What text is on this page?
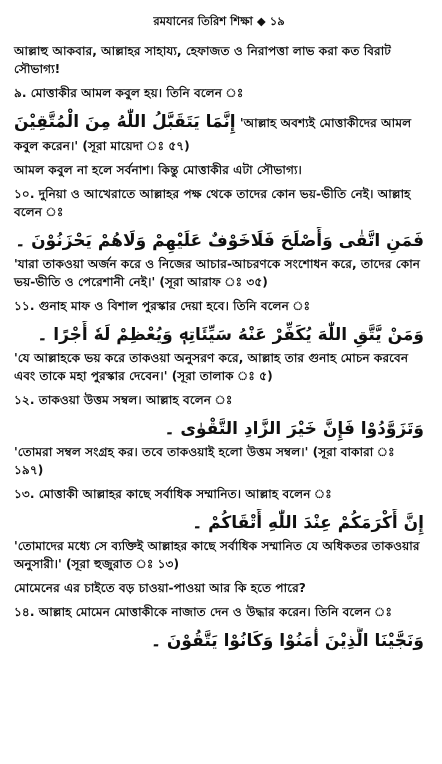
রমযানের তিরিশ শিক্ষা ◆ ১৯

আল্লাহু আকবার, আল্লাহর সাহায্য, হেফাজত ও নিরাপত্তা লাভ করা কত বিরাট সৌভাগ্য!

৯. মোত্তাকীর আমল কবুল হয়। তিনি বলেন ঃ

إِنَّمَا يَتَقَبَّلُ اللّٰهُ مِنَ الْمُتَّقِيْنَ 'আল্লাহ অবশ্যই মোত্তাকীদের আমল

কবুল করেন।' (সূরা মায়েদা ঃ ৫৭)

আমল কবুল না হলে সর্বনাশ। কিন্তু মোত্তাকীর এটা সৌভাগ্য।

১০. দুনিয়া ও আখেরাতে আল্লাহর পক্ষ থেকে তাদের কোন ভয়-ভীতি নেই। আল্লাহ বলেন ঃ

فَمَنِ اتَّقٰى وَأَصْلَحَ فَلَاخَوْفٌ عَلَيْهِمْ وَلَاهُمْ يَحْزَنُوْنَ ۔

'যারা তাকওয়া অর্জন করে ও নিজের আচার-আচরণকে সংশোধন করে, তাদের কোন ভয়-ভীতি ও পেরেশানী নেই।' (সূরা আরাফ ঃ ৩৫)

১১. গুনাহ মাফ ও বিশাল পুরস্কার দেয়া হবে। তিনি বলেন ঃ

وَمَنْ يَّتَّقِ اللّٰهَ يُكَفِّرْ عَنْهُ سَيِّئَاتِهٖ وَيُعْظِمْ لَهٗ أَجْرًا ۔

'যে আল্লাহকে ভয় করে তাকওয়া অনুসরণ করে, আল্লাহ তার গুনাহ মোচন করবেন এবং তাকে মহা পুরস্কার দেবেন।' (সূরা তালাক ঃ ৫)

১২. তাকওয়া উত্তম সম্বল। আল্লাহ বলেন ঃ

وَتَزَوَّدُوْا فَإِنَّ خَيْرَ الزَّادِ التَّقْوٰى ۔

'তোমরা সম্বল সংগ্রহ কর। তবে তাকওয়াই হলো উত্তম সম্বল।' (সূরা বাকারা ঃ ১৯৭)

১৩. মোত্তাকী আল্লাহর কাছে সর্বাধিক সম্মানিত। আল্লাহ বলেন ঃ

إِنَّ أَكْرَمَكُمْ عِنْدَ اللّٰهِ أَتْقَاكُمْ ۔

'তোমাদের মধ্যে সে ব্যক্তিই আল্লাহর কাছে সর্বাধিক সম্মানিত যে অধিকতর তাকওয়ার অনুসারী।' (সূরা হুজুরাত ঃ ১৩)

মোমেনের এর চাইতে বড় চাওয়া-পাওয়া আর কি হতে পারে?

১৪. আল্লাহ মোমেন মোত্তাকীকে নাজাত দেন ও উদ্ধার করেন। তিনি বলেন ঃ

وَنَجَّيْنَا الَّذِيْنَ أٰمَنُوْا وَكَانُوْا يَتَّقُوْنَ ۔
